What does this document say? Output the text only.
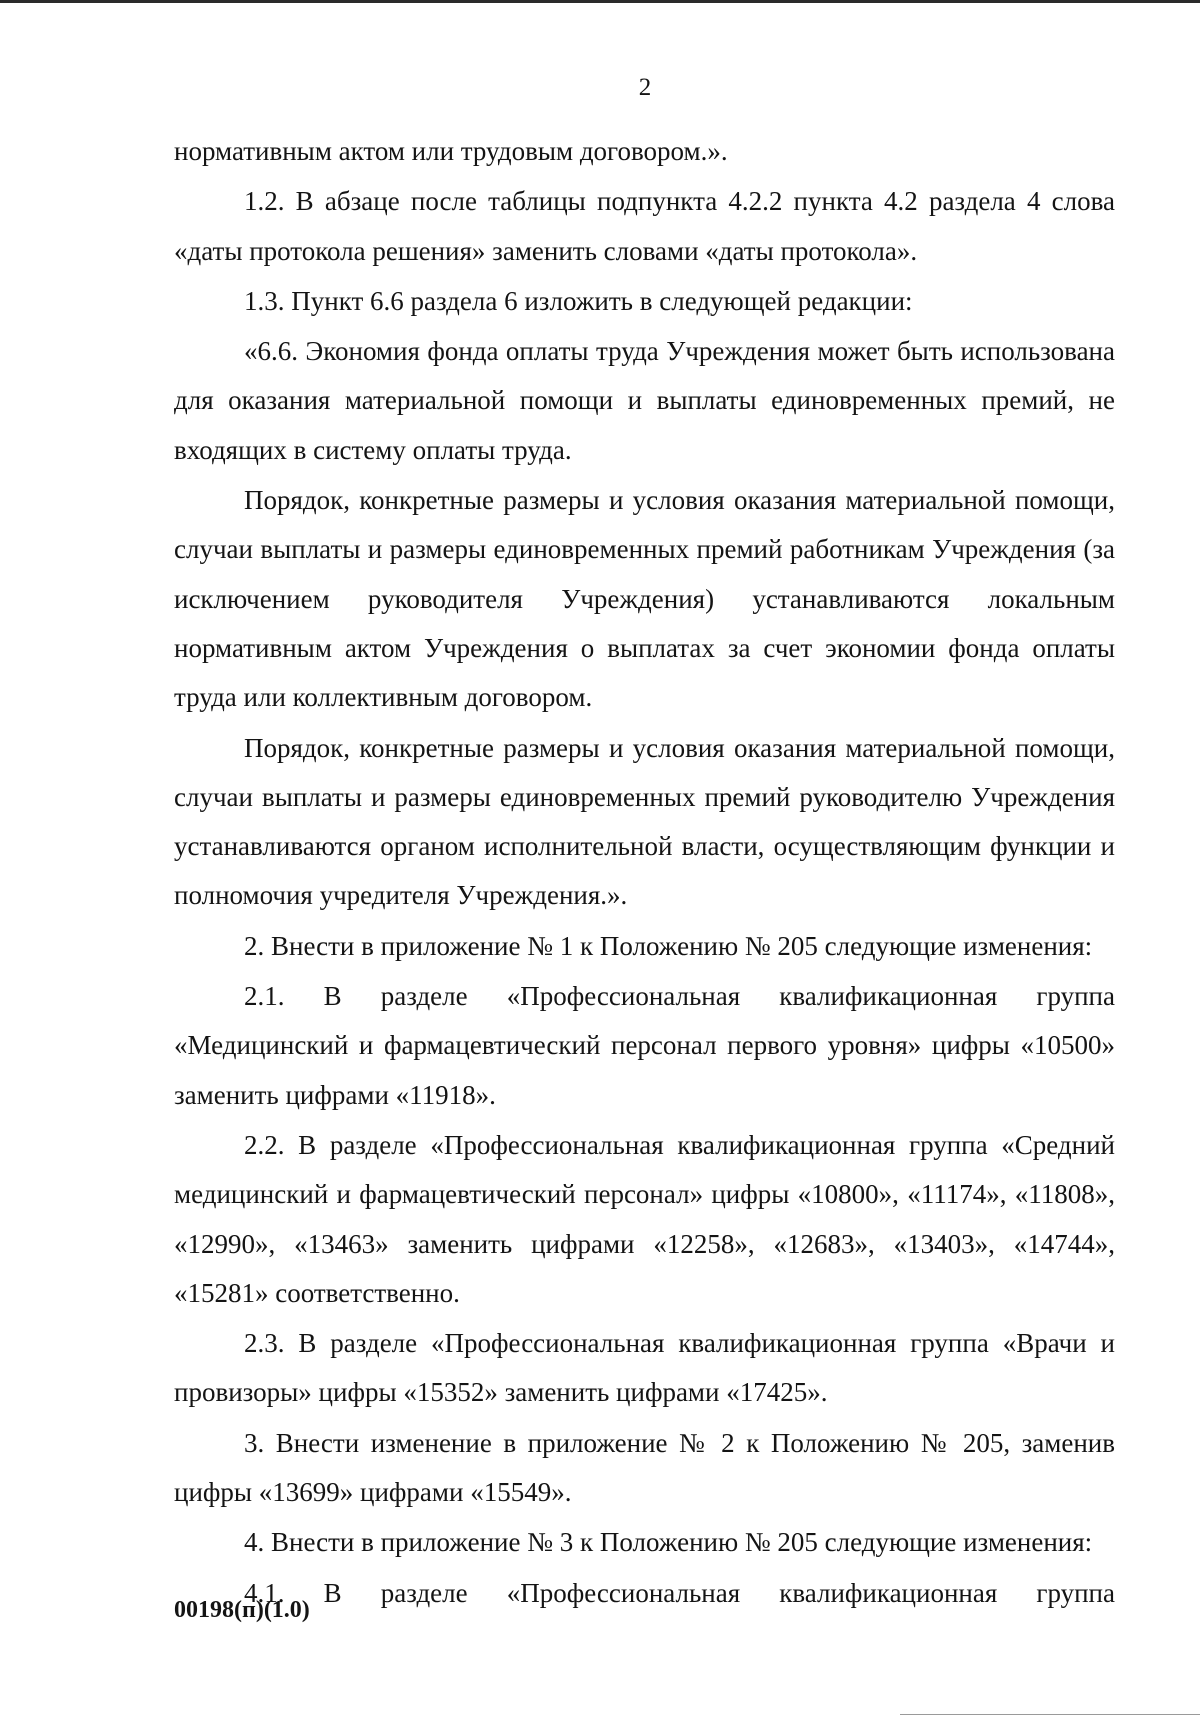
2

нормативным актом или трудовым договором.».

1.2. В абзаце после таблицы подпункта 4.2.2 пункта 4.2 раздела 4 слова «даты протокола решения» заменить словами «даты протокола».

1.3. Пункт 6.6 раздела 6 изложить в следующей редакции:

«6.6. Экономия фонда оплаты труда Учреждения может быть использована для оказания материальной помощи и выплаты единовременных премий, не входящих в систему оплаты труда.

Порядок, конкретные размеры и условия оказания материальной помощи, случаи выплаты и размеры единовременных премий работникам Учреждения (за исключением руководителя Учреждения) устанавливаются локальным нормативным актом Учреждения о выплатах за счет экономии фонда оплаты труда или коллективным договором.

Порядок, конкретные размеры и условия оказания материальной помощи, случаи выплаты и размеры единовременных премий руководителю Учреждения устанавливаются органом исполнительной власти, осуществляющим функции и полномочия учредителя Учреждения.».

2. Внести в приложение № 1 к Положению № 205 следующие изменения:

2.1. В разделе «Профессиональная квалификационная группа «Медицинский и фармацевтический персонал первого уровня» цифры «10500» заменить цифрами «11918».

2.2. В разделе «Профессиональная квалификационная группа «Средний медицинский и фармацевтический персонал» цифры «10800», «11174», «11808», «12990», «13463» заменить цифрами «12258», «12683», «13403», «14744», «15281» соответственно.

2.3. В разделе «Профессиональная квалификационная группа «Врачи и провизоры» цифры «15352» заменить цифрами «17425».

3. Внести изменение в приложение № 2 к Положению № 205, заменив цифры «13699» цифрами «15549».

4. Внести в приложение № 3 к Положению № 205 следующие изменения:

4.1. В разделе «Профессиональная квалификационная группа

00198(п)(1.0)
